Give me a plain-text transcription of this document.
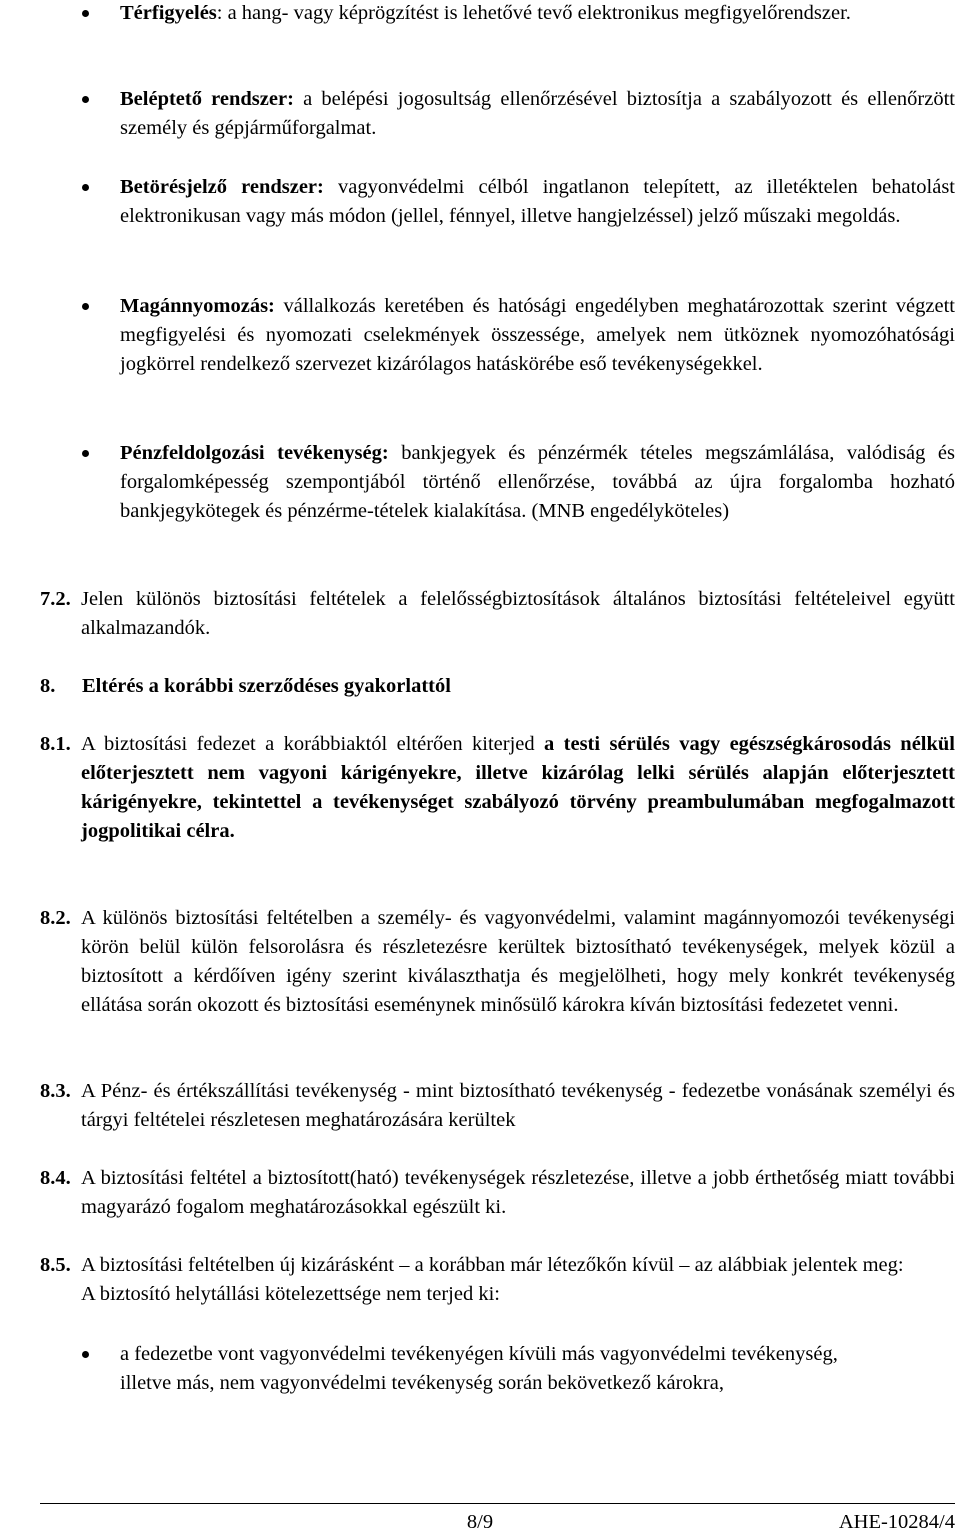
Térfigyelés: a hang- vagy képrögzítést is lehetővé tevő elektronikus megfigyelőrendszer.
Beléptető rendszer: a belépési jogosultság ellenőrzésével biztosítja a szabályozott és ellenőrzött személy és gépjárműforgalmat.
Betörésjelző rendszer: vagyonvédelmi célból ingatlanon telepített, az illetéktelen behatolást elektronikusan vagy más módon (jellel, fénnyel, illetve hangjelzéssel) jelző műszaki megoldás.
Magánnyomozás: vállalkozás keretében és hatósági engedélyben meghatározottak szerint végzett megfigyelési és nyomozati cselekmények összessége, amelyek nem ütköznek nyomozóhatósági jogkörrel rendelkező szervezet kizárólagos hatáskörébe eső tevékenységekkel.
Pénzfeldolgozási tevékenység: bankjegyek és pénzérmék tételes megszámlálása, valódiság és forgalomképesség szempontjából történő ellenőrzése, továbbá az újra forgalomba hozható bankjegykötegek és pénzérme-tételek kialakítása. (MNB engedélyköteles)
7.2. Jelen különös biztosítási feltételek a felelősségbiztosítások általános biztosítási feltételeivel együtt alkalmazandók.
8. Eltérés a korábbi szerződéses gyakorlattól
8.1. A biztosítási fedezet a korábbiaktól eltérően kiterjed a testi sérülés vagy egészségkárosodás nélkül előterjesztett nem vagyoni kárigényekre, illetve kizárólag lelki sérülés alapján előterjesztett kárigényekre, tekintettel a tevékenységet szabályozó törvény preambulumában megfogalmazott jogpolitikai célra.
8.2. A különös biztosítási feltételben a személy- és vagyonvédelmi, valamint magánnyomozói tevékenységi körön belül külön felsorolásra és részletezésre kerültek biztosítható tevékenységek, melyek közül a biztosított a kérdőíven igény szerint kiválaszthatja és megjelölheti, hogy mely konkrét tevékenység ellátása során okozott és biztosítási eseménynek minősülő károkra kíván biztosítási fedezetet venni.
8.3. A Pénz- és értékszállítási tevékenység - mint biztosítható tevékenység - fedezetbe vonásának személyi és tárgyi feltételei részletesen meghatározására kerültek
8.4. A biztosítási feltétel a biztosított(ható) tevékenységek részletezése, illetve a jobb érthetőség miatt további magyarázó fogalom meghatározásokkal egészült ki.
8.5. A biztosítási feltételben új kizárásként – a korábban már létezőkőn kívül – az alábbiak jelentek meg:
A biztosító helytállási kötelezettsége nem terjed ki:
a fedezetbe vont vagyonvédelmi tevékenyégen kívüli más vagyonvédelmi tevékenység, illetve más, nem vagyonvédelmi tevékenység során bekövetkező károkra,
8/9	AHE-10284/4
